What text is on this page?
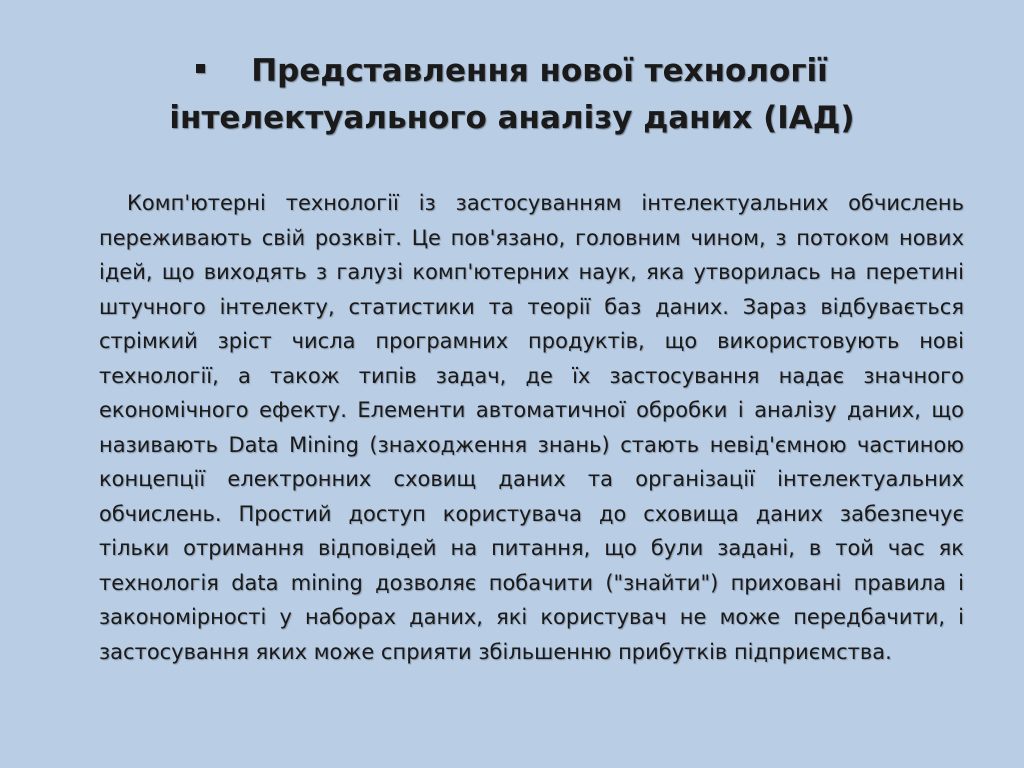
Представлення нової технології
інтелектуального аналізу даних (ІАД)

Комп'ютерні технології із застосуванням інтелектуальних обчислень переживають свій розквіт. Це пов'язано, головним чином, з потоком нових ідей, що виходять з галузі комп'ютерних наук, яка утворилась на перетині штучного інтелекту, статистики та теорії баз даних. Зараз відбувається стрімкий зріст числа програмних продуктів, що використовують нові технології, а також типів задач, де їх застосування надає значного економічного ефекту. Елементи автоматичної обробки і аналізу даних, що називають Data Mining (знаходження знань) стають невід'ємною частиною концепції електронних сховищ даних та організації інтелектуальних обчислень. Простий доступ користувача до сховища даних забезпечує тільки отримання відповідей на питання, що були задані, в той час як технологія data mining дозволяє побачити ("знайти") приховані правила і закономірності у наборах даних, які користувач не може передбачити, і застосування яких може сприяти збільшенню прибутків підприємства.
